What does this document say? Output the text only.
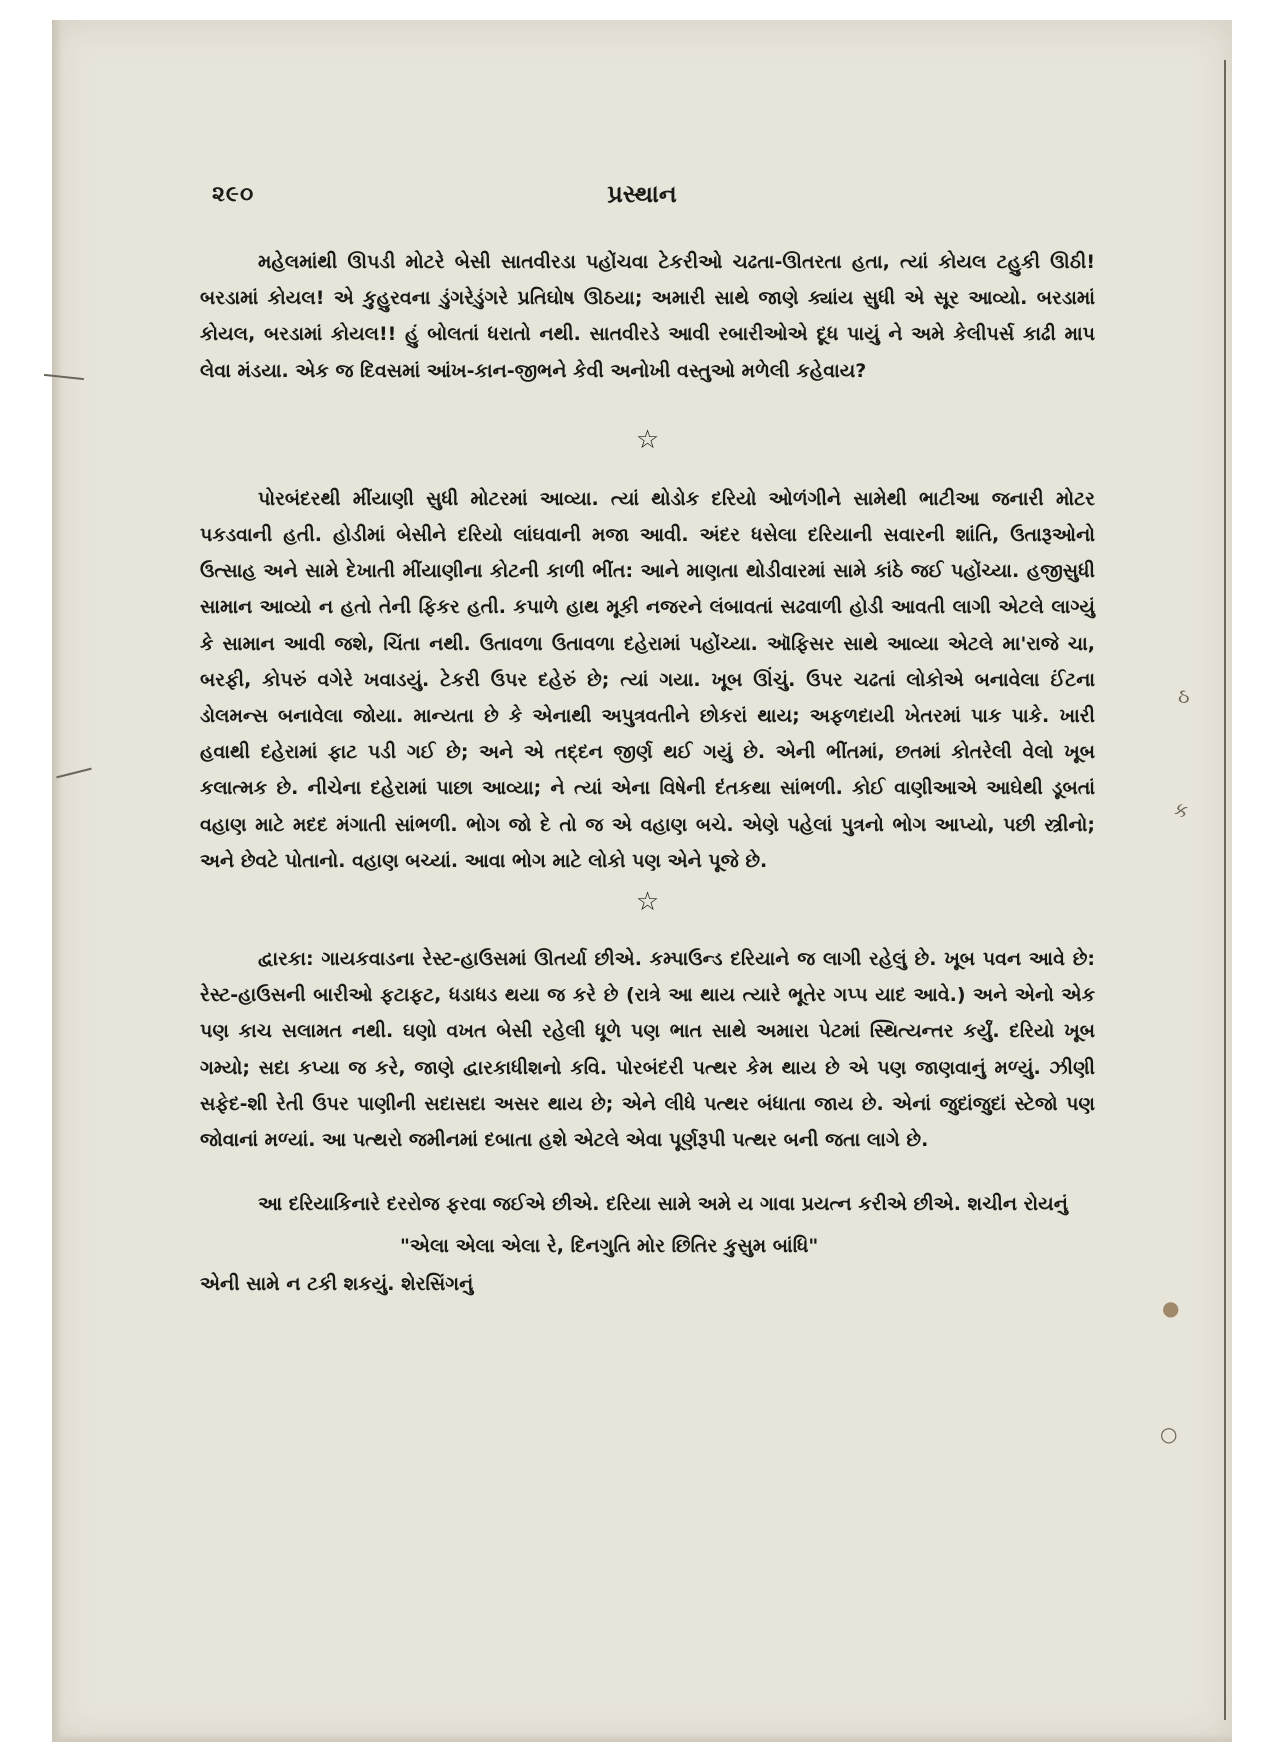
ઠ
ક
●
○
૨૯૦	પ્રસ્થાન

મહેલમાંથી ઊપડી મોટરે બેસી સાતવીરડા પહોંચવા ટેકરીઓ ચઢતા-ઊતરતા હતા, ત્યાં કોયલ ટહુકી ઊઠી! બરડામાં કોયલ! એ કુહુરવના ડુંગરેડુંગરે પ્રતિઘોષ ઊઠયા; અમારી સાથે જાણે ક્યાંય સુધી એ સૂર આવ્યો. બરડામાં કોયલ, બરડામાં કોયલ!! હું બોલતાં ધરાતો નથી. સાતવીરડે આવી રબારીઓએ દૂધ પાયું ને અમે કેલીપર્સ કાઢી માપ લેવા મંડયા. એક જ દિવસમાં આંખ-કાન-જીભને કેવી અનોખી વસ્તુઓ મળેલી કહેવાય?

☆

પોરબંદરથી મીંયાણી સુધી મોટરમાં આવ્યા. ત્યાં થોડોક દરિયો ઓળંગીને સામેથી ભાટીઆ જનારી મોટર પકડવાની હતી. હોડીમાં બેસીને દરિયો લાંઘવાની મજા આવી. અંદર ધસેલા દરિયાની સવારની શાંતિ, ઉતારૂઓનો ઉત્સાહ અને સામે દેખાતી મીંયાણીના કોટની કાળી ભીંત: આને માણતા થોડીવારમાં સામે કાંઠે જઈ પહોંચ્યા. હજીસુધી સામાન આવ્યો ન હતો તેની ફિકર હતી. કપાળે હાથ મૂકી નજરને લંબાવતાં સઢવાળી હોડી આવતી લાગી એટલે લાગ્યું કે સામાન આવી જશે, ચિંતા નથી. ઉતાવળા ઉતાવળા દહેરામાં પહોંચ્યા. ઑફિસર સાથે આવ્યા એટલે મા'રાજે ચા, બરફી, કોપરું વગેરે ખવાડયું. ટેકરી ઉપર દહેરું છે; ત્યાં ગયા. ખૂબ ઊંચું. ઉપર ચઢતાં લોકોએ બનાવેલા ઈંટના ડોલમન્સ બનાવેલા જોયા. માન્યતા છે કે એનાથી અપુત્રવતીને છોકરાં થાય; અફળદાયી ખેતરમાં પાક પાકે. ખારી હવાથી દહેરામાં ફાટ પડી ગઈ છે; અને એ તદ્દન જીર્ણ થઈ ગયું છે. એની ભીંતમાં, છતમાં કોતરેલી વેલો ખૂબ કલાત્મક છે. નીચેના દહેરામાં પાછા આવ્યા; ને ત્યાં એના વિષેની દંતકથા સાંભળી. કોઈ વાણીઆએ આઘેથી ડૂબતાં વહાણ માટે મદદ મંગાતી સાંભળી. ભોગ જો દે તો જ એ વહાણ બચે. એણે પહેલાં પુત્રનો ભોગ આપ્યો, પછી સ્ત્રીનો; અને છેવટે પોતાનો. વહાણ બચ્યાં. આવા ભોગ માટે લોકો પણ એને પૂજે છે.

☆

દ્વારકા: ગાયકવાડના રેસ્ટ-હાઉસમાં ઊતર્યા છીએ. કમ્પાઉન્ડ દરિયાને જ લાગી રહેલું છે. ખૂબ પવન આવે છે: રેસ્ટ-હાઉસની બારીઓ ફટાફટ, ધડાધડ થયા જ કરે છે (રાત્રે આ થાય ત્યારે ભૂતેર ગપ્પ યાદ આવે.) અને એનો એક પણ કાચ સલામત નથી. ઘણો વખત બેસી રહેલી ધૂળે પણ ભાત સાથે અમારા પેટમાં સ્થિત્યન્તર કર્યું. દરિયો ખૂબ ગમ્યો; સદા કપ્યા જ કરે, જાણે દ્વારકાધીશનો કવિ. પોરબંદરી પત્થર કેમ થાય છે એ પણ જાણવાનું મળ્યું. ઝીણી સફેદ-શી રેતી ઉપર પાણીની સદાસદા અસર થાય છે; એને લીધે પત્થર બંધાતા જાય છે. એનાં જુદાંજુદાં સ્ટેજો પણ જોવાનાં મળ્યાં. આ પત્થરો જમીનમાં દબાતા હશે એટલે એવા પૂર્ણરૂપી પત્થર બની જતા લાગે છે.

આ દરિયાકિનારે દરરોજ ફરવા જઈએ છીએ. દરિયા સામે અમે ય ગાવા પ્રયત્ન કરીએ છીએ. શચીન રોયનું

"એલા એલા એલા રે, દિનગુતિ મોર છિતિર કુસુમ બાંધિ"
એની સામે ન ટકી શકયું. શેરસિંગનું
